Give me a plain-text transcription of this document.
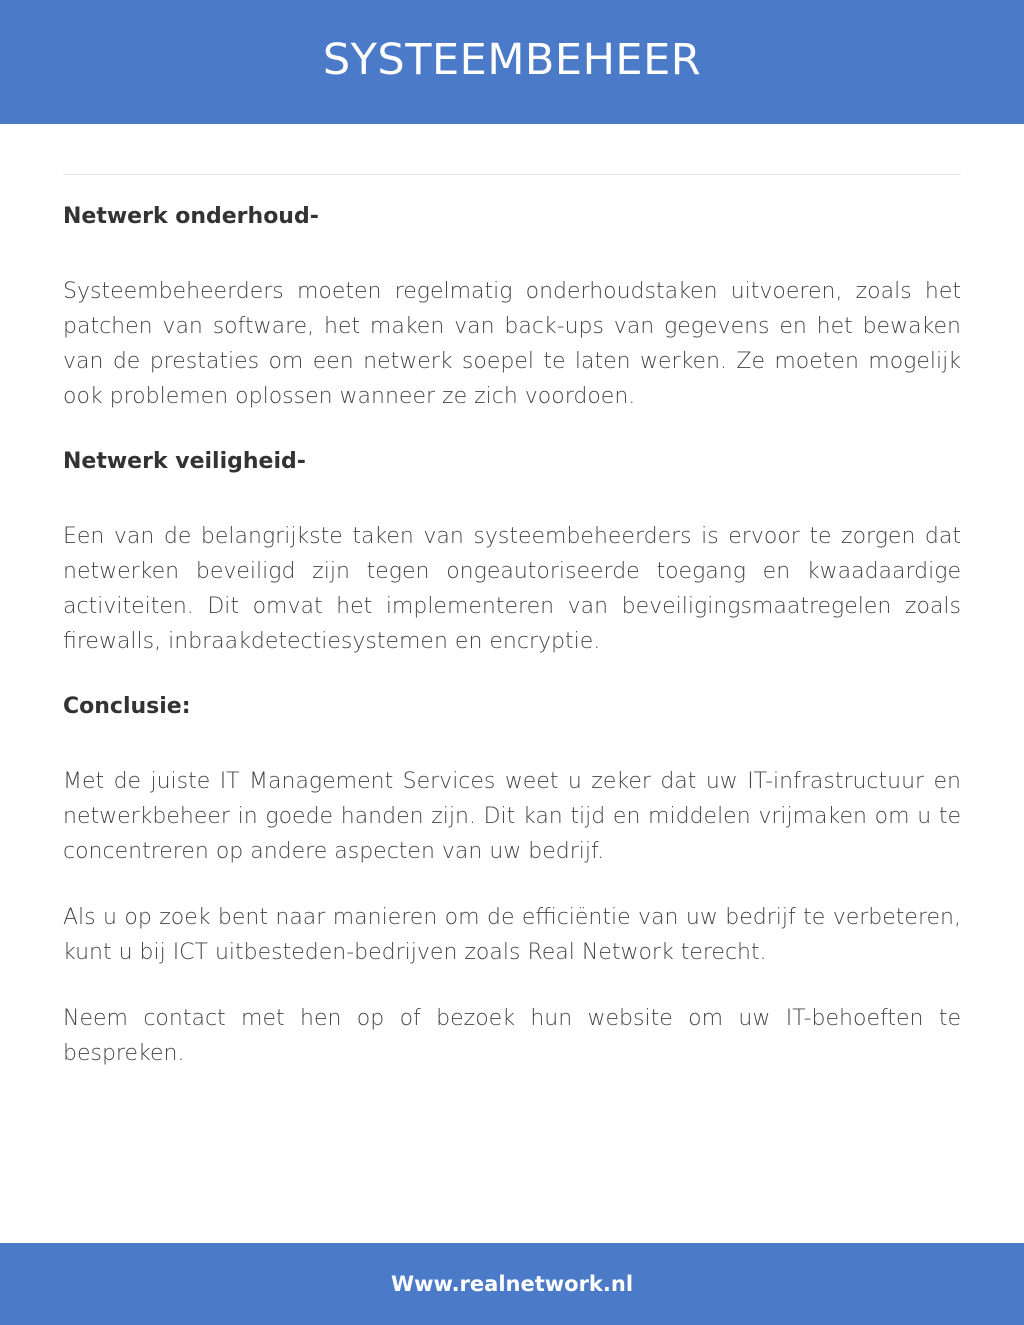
SYSTEEMBEHEER
Netwerk onderhoud-

Systeembeheerders moeten regelmatig onderhoudstaken uitvoeren, zoals het patchen van software, het maken van back-ups van gegevens en het bewaken van de prestaties om een netwerk soepel te laten werken. Ze moeten mogelijk ook problemen oplossen wanneer ze zich voordoen.

Netwerk veiligheid-

Een van de belangrijkste taken van systeembeheerders is ervoor te zorgen dat netwerken beveiligd zijn tegen ongeautoriseerde toegang en kwaadaardige activiteiten. Dit omvat het implementeren van beveiligingsmaatregelen zoals firewalls, inbraakdetectiesystemen en encryptie.

Conclusie:

Met de juiste IT Management Services weet u zeker dat uw IT-infrastructuur en netwerkbeheer in goede handen zijn. Dit kan tijd en middelen vrijmaken om u te concentreren op andere aspecten van uw bedrijf.

Als u op zoek bent naar manieren om de efficiëntie van uw bedrijf te verbeteren, kunt u bij ICT uitbesteden-bedrijven zoals Real Network terecht.

Neem contact met hen op of bezoek hun website om uw IT-behoeften te bespreken.

Www.realnetwork.nl
